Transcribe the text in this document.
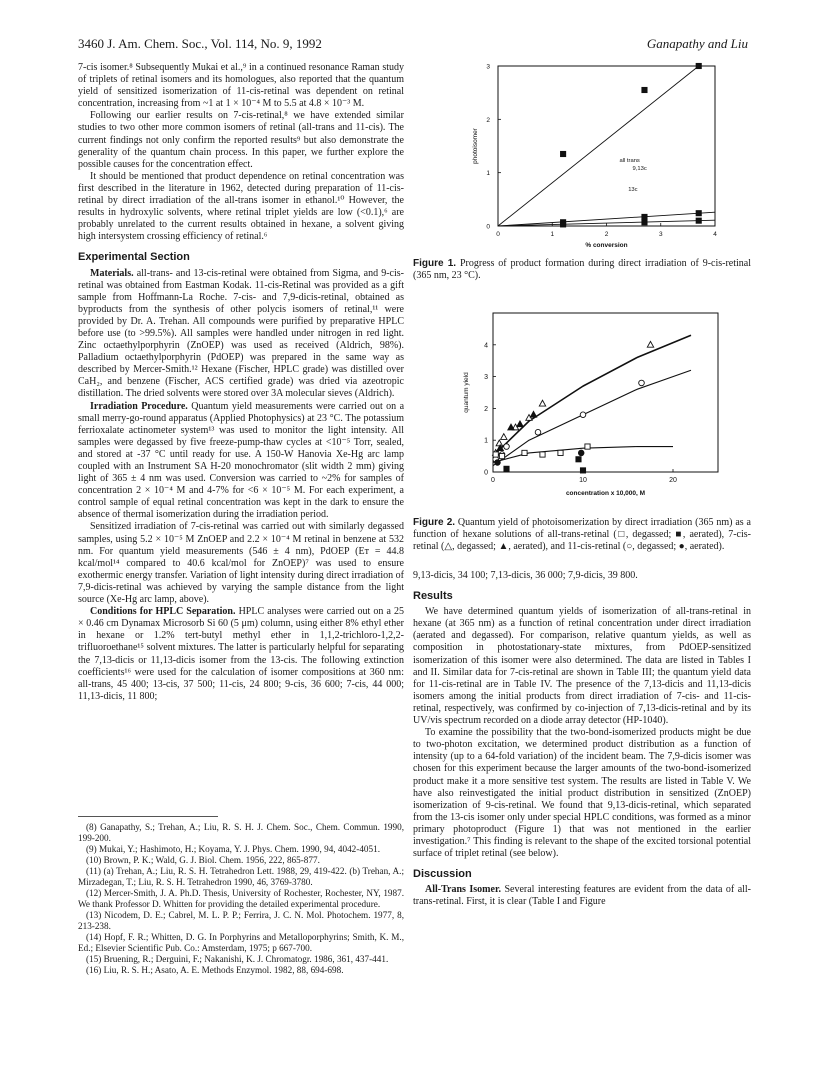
3460 J. Am. Chem. Soc., Vol. 114, No. 9, 1992	Ganapathy and Liu

7-cis isomer.⁸ Subsequently Mukai et al.,⁹ in a continued resonance Raman study of triplets of retinal isomers and its homologues, also reported that the quantum yield of sensitized isomerization of 11-cis-retinal was dependent on retinal concentration, increasing from ~1 at 1 × 10⁻⁴ M to 5.5 at 4.8 × 10⁻³ M.

Following our earlier results on 7-cis-retinal,⁸ we have extended similar studies to two other more common isomers of retinal (all-trans and 11-cis). The current findings not only confirm the reported results⁹ but also demonstrate the generality of the quantum chain process. In this paper, we further explore the possible causes for the concentration effect.

It should be mentioned that product dependence on retinal concentration was first described in the literature in 1962, detected during preparation of 11-cis-retinal by direct irradiation of the all-trans isomer in ethanol.¹⁰ However, the results in hydroxylic solvents, where retinal triplet yields are low (<0.1),⁶ are probably unrelated to the current results obtained in hexane, a solvent giving high intersystem crossing efficiency of retinal.⁶

Experimental Section

Materials. all-trans- and 13-cis-retinal were obtained from Sigma, and 9-cis-retinal was obtained from Eastman Kodak. 11-cis-Retinal was provided as a gift sample from Hoffmann-La Roche. 7-cis- and 7,9-dicis-retinal, obtained as byproducts from the synthesis of other polycis isomers of retinal,¹¹ were provided by Dr. A. Trehan. All compounds were purified by preparative HPLC before use (to >99.5%). All samples were handled under nitrogen in red light. Zinc octaethylporphyrin (ZnOEP) was used as received (Aldrich, 98%). Palladium octaethylporphyrin (PdOEP) was prepared in the same way as described by Mercer-Smith.¹² Hexane (Fischer, HPLC grade) was distilled over CaH₂, and benzene (Fischer, ACS certified grade) was dried via azeotropic distillation. The dried solvents were stored over 3A molecular sieves (Aldrich).

Irradiation Procedure. Quantum yield measurements were carried out on a small merry-go-round apparatus (Applied Photophysics) at 23 °C. The potassium ferrioxalate actinometer system¹³ was used to monitor the light intensity. All samples were degassed by five freeze-pump-thaw cycles at <10⁻⁵ Torr, sealed, and stored at -37 °C until ready for use. A 150-W Hanovia Xe-Hg arc lamp coupled with an Instrument SA H-20 monochromator (slit width 2 mm) giving light of 365 ± 4 nm was used. Conversion was carried to ~2% for samples of concentration 2 × 10⁻⁴ M and 4-7% for <6 × 10⁻⁵ M. For each experiment, a control sample of equal retinal concentration was kept in the dark to ensure the absence of thermal isomerization during the irradiation period.

Sensitized irradiation of 7-cis-retinal was carried out with similarly degassed samples, using 5.2 × 10⁻⁵ M ZnOEP and 2.2 × 10⁻⁴ M retinal in benzene at 532 nm. For quantum yield measurements (546 ± 4 nm), PdOEP (Eᴛ = 44.8 kcal/mol¹⁴ compared to 40.6 kcal/mol for ZnOEP)⁷ was used to ensure exothermic energy transfer. Variation of light intensity during direct irradiation of 7,9-dicis-retinal was achieved by varying the sample distance from the light source (Xe-Hg arc lamp, above).

Conditions for HPLC Separation. HPLC analyses were carried out on a 25 × 0.46 cm Dynamax Microsorb Si 60 (5 μm) column, using either 8% ethyl ether in hexane or 1.2% tert-butyl methyl ether in 1,1,2-trichloro-1,2,2-trifluoroethane¹⁵ solvent mixtures. The latter is particularly helpful for separating the 7,13-dicis or 11,13-dicis isomer from the 13-cis. The following extinction coefficients¹⁶ were used for the calculation of isomer compositions at 360 nm: all-trans, 45 400; 13-cis, 37 500; 11-cis, 24 800; 9-cis, 36 600; 7-cis, 44 000; 11,13-dicis, 11 800;

(8) Ganapathy, S.; Trehan, A.; Liu, R. S. H. J. Chem. Soc., Chem. Commun. 1990, 199-200.

(9) Mukai, Y.; Hashimoto, H.; Koyama, Y. J. Phys. Chem. 1990, 94, 4042-4051.

(10) Brown, P. K.; Wald, G. J. Biol. Chem. 1956, 222, 865-877.

(11) (a) Trehan, A.; Liu, R. S. H. Tetrahedron Lett. 1988, 29, 419-422. (b) Trehan, A.; Mirzadegan, T.; Liu, R. S. H. Tetrahedron 1990, 46, 3769-3780.

(12) Mercer-Smith, J. A. Ph.D. Thesis, University of Rochester, Rochester, NY, 1987. We thank Professor D. Whitten for providing the detailed experimental procedure.

(13) Nicodem, D. E.; Cabrel, M. L. P. P.; Ferrira, J. C. N. Mol. Photochem. 1977, 8, 213-238.

(14) Hopf, F. R.; Whitten, D. G. In Porphyrins and Metalloporphyrins; Smith, K. M., Ed.; Elsevier Scientific Pub. Co.: Amsterdam, 1975; p 667-700.

(15) Bruening, R.; Derguini, F.; Nakanishi, K. J. Chromatogr. 1986, 361, 437-441.

(16) Liu, R. S. H.; Asato, A. E. Methods Enzymol. 1982, 88, 694-698.

0	1	2	3	4
0
1
2
3
% conversion
photoisomer	all trans
13c
9,13c
Figure 1. Progress of product formation during direct irradiation of 9-cis-retinal (365 nm, 23 °C).
0	10	20
0
1
2
3
4
concentration x 10,000, M
quantum yield
Figure 2. Quantum yield of photoisomerization by direct irradiation (365 nm) as a function of hexane solutions of all-trans-retinal (□, degassed; ■, aerated), 7-cis-retinal (△, degassed; ▲, aerated), and 11-cis-retinal (○, degassed; ●, aerated).

9,13-dicis, 34 100; 7,13-dicis, 36 000; 7,9-dicis, 39 800.

Results

We have determined quantum yields of isomerization of all-trans-retinal in hexane (at 365 nm) as a function of retinal concentration under direct irradiation (aerated and degassed). For comparison, relative quantum yields, as well as composition in photostationary-state mixtures, from PdOEP-sensitized isomerization of this isomer were also determined. The data are listed in Tables I and II. Similar data for 7-cis-retinal are shown in Table III; the quantum yield data for 11-cis-retinal are in Table IV. The presence of the 7,13-dicis and 11,13-dicis isomers among the initial products from direct irradiation of 7-cis- and 11-cis-retinal, respectively, was confirmed by co-injection of 7,13-dicis-retinal and by its UV/vis spectrum recorded on a diode array detector (HP-1040).

To examine the possibility that the two-bond-isomerized products might be due to two-photon excitation, we determined product distribution as a function of intensity (up to a 64-fold variation) of the incident beam. The 7,9-dicis isomer was chosen for this experiment because the larger amounts of the two-bond-isomerized product make it a more sensitive test system. The results are listed in Table V. We have also reinvestigated the initial product distribution in sensitized (ZnOEP) isomerization of 9-cis-retinal. We found that 9,13-dicis-retinal, which separated from the 13-cis isomer only under special HPLC conditions, was formed as a minor primary photoproduct (Figure 1) that was not mentioned in the earlier investigation.⁷ This finding is relevant to the shape of the excited torsional potential surface of triplet retinal (see below).

Discussion

All-Trans Isomer. Several interesting features are evident from the data of all-trans-retinal. First, it is clear (Table I and Figure
